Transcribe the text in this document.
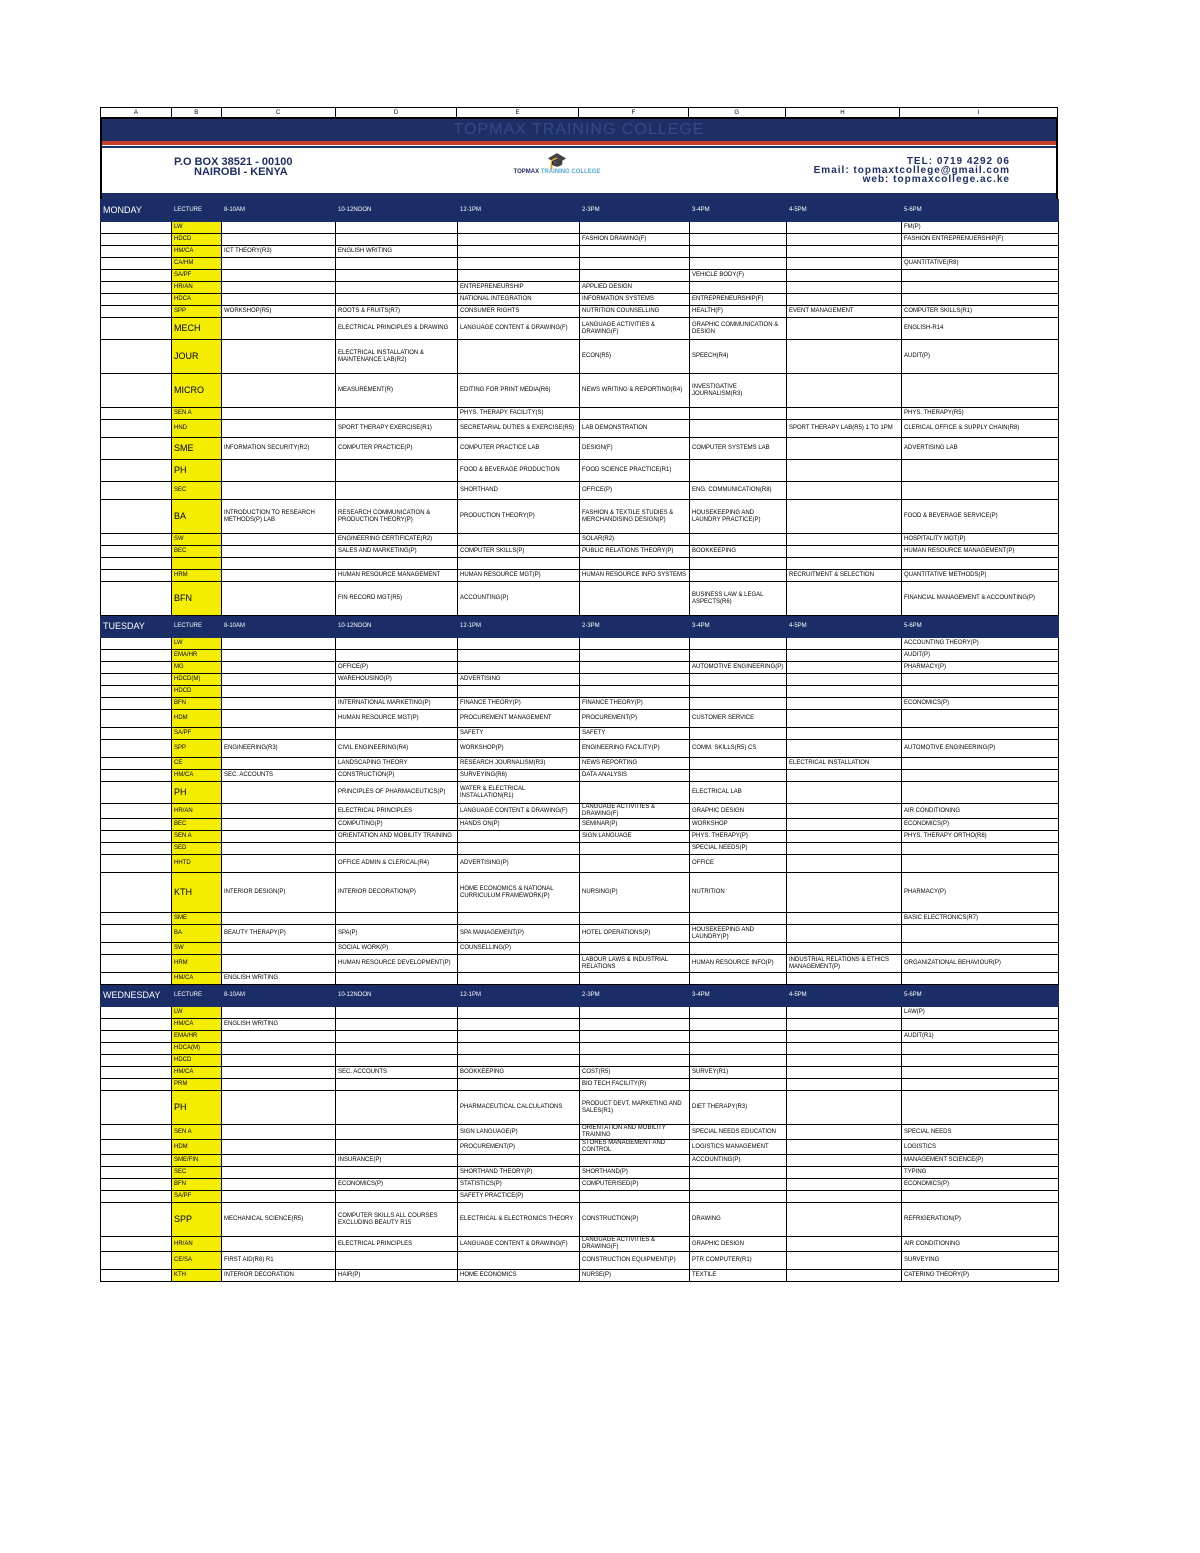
A	B	C	D	E	F	G	H	I
TOPMAX TRAINING COLLEGE
P.O BOX 38521 - 00100
NAIROBI - KENYA
🎓
TOPMAX TRAINING COLLEGE
TEL: 0719 4292 06
Email: topmaxtcollege@gmail.com
web: topmaxcollege.ac.ke
MONDAY	LECTURE	8-10AM	10-12NOON	12-1PM	2-3PM	3-4PM	4-5PM	5-6PM
	LW							FM(P)
	HDCD				FASHION DRAWING(F)			FASHION ENTREPRENUERSHIP(F)
	HM/CA	ICT THEORY(R3)	ENGLISH WRITING					
	CA/HM							QUANTITATIVE(R8)
	SA/PF					VEHICLE BODY(F)		
	HR/AN			ENTREPRENEURSHIP	APPLIED DESIGN			
	HDCA			NATIONAL INTEGRATION	INFORMATION SYSTEMS	ENTREPRENEURSHIP(F)		
	SPP	WORKSHOP(R5)	ROOTS & FRUITS(R7)	CONSUMER RIGHTS	NUTRITION COUNSELLING	HEALTH(F)	EVENT MANAGEMENT	COMPUTER SKILLS(R1)
	MECH		ELECTRICAL PRINCIPLES & DRAWING	LANGUAGE CONTENT & DRAWING(F)	LANGUAGE ACTIVITIES & DRAWING(F)	GRAPHIC COMMUNICATION & DESIGN		ENGLISH-R14
	JOUR		ELECTRICAL INSTALLATION & MAINTENANCE LAB(R2)		ECON(R5)	SPEECH(R4)		AUDIT(P)
	MICRO		MEASUREMENT(R)	EDITING FOR PRINT MEDIA(R6)	NEWS WRITING & REPORTING(R4)	INVESTIGATIVE JOURNALISM(R3)		
	SEN A			PHYS. THERAPY FACILITY(S)				PHYS. THERAPY(R5)
	HND		SPORT THERAPY EXERCISE(R1)	SECRETARIAL DUTIES & EXERCISE(R5)	LAB DEMONSTRATION		SPORT THERAPY LAB(R5) 1 TO 1PM	CLERICAL OFFICE & SUPPLY CHAIN(R8)
	SME	INFORMATION SECURITY(R2)	COMPUTER PRACTICE(P)	COMPUTER PRACTICE LAB	DESIGN(F)	COMPUTER SYSTEMS LAB		ADVERTISING LAB
	PH			FOOD & BEVERAGE PRODUCTION	FOOD SCIENCE PRACTICE(R1)			
	SEC			SHORTHAND	OFFICE(P)	ENG. COMMUNICATION(R8)		
	BA	INTRODUCTION TO RESEARCH METHODS(P) LAB	RESEARCH COMMUNICATION & PRODUCTION THEORY(P)	PRODUCTION THEORY(P)	FASHION & TEXTILE STUDIES & MERCHANDISING DESIGN(P)	HOUSEKEEPING AND LAUNDRY PRACTICE(P)		FOOD & BEVERAGE SERVICE(P)
	SW		ENGINEERING CERTIFICATE(R2)		SOLAR(R2)			HOSPITALITY MGT(P)
	BEC		SALES AND MARKETING(P)	COMPUTER SKILLS(P)	PUBLIC RELATIONS THEORY(P)	BOOKKEEPING		HUMAN RESOURCE MANAGEMENT(P)

	HRM		HUMAN RESOURCE MANAGEMENT	HUMAN RESOURCE MGT(P)	HUMAN RESOURCE INFO SYSTEMS		RECRUITMENT & SELECTION	QUANTITATIVE METHODS(P)
	BFN		FIN RECORD MGT(R5)	ACCOUNTING(P)		BUSINESS LAW & LEGAL ASPECTS(R6)		FINANCIAL MANAGEMENT & ACCOUNTING(P)
TUESDAY	LECTURE	8-10AM	10-12NOON	12-1PM	2-3PM	3-4PM	4-5PM	5-6PM
	LW							ACCOUNTING THEORY(P)
	EMA/HR							AUDIT(P)
	MG		OFFICE(P)			AUTOMOTIVE ENGINEERING(P)		PHARMACY(P)
	HDCD(M)		WAREHOUSING(P)	ADVERTISING				
	HDCD							
	BFN		INTERNATIONAL MARKETING(P)	FINANCE THEORY(P)	FINANCE THEORY(P)			ECONOMICS(P)
	HDM		HUMAN RESOURCE MGT(P)	PROCUREMENT MANAGEMENT	PROCUREMENT(P)	CUSTOMER SERVICE		
	SA/PF			SAFETY	SAFETY			
	SPP	ENGINEERING(R3)	CIVIL ENGINEERING(R4)	WORKSHOP(P)	ENGINEERING FACILITY(P)	COMM. SKILLS(R5) CS		AUTOMOTIVE ENGINEERING(P)
	CE		LANDSCAPING THEORY	RESEARCH JOURNALISM(R3)	NEWS REPORTING		ELECTRICAL INSTALLATION	
	HM/CA	SEC. ACCOUNTS	CONSTRUCTION(P)	SURVEYING(R6)	DATA ANALYSIS			
	PH		PRINCIPLES OF PHARMACEUTICS(P)	WATER & ELECTRICAL INSTALLATION(R1)		ELECTRICAL LAB		
	HR/AN		ELECTRICAL PRINCIPLES	LANGUAGE CONTENT & DRAWING(F)	LANGUAGE ACTIVITIES & DRAWING(F)	GRAPHIC DESIGN		AIR CONDITIONING
	BEC		COMPUTING(P)	HANDS ON(P)	SEMINAR(P)	WORKSHOP		ECONOMICS(P)
	SEN A		ORIENTATION AND MOBILITY TRAINING		SIGN LANGUAGE	PHYS. THERAPY(P)		PHYS. THERAPY ORTHO(R8)
	SED					SPECIAL NEEDS(P)		
	HHTD		OFFICE ADMIN & CLERICAL(R4)	ADVERTISING(P)		OFFICE		
	KTH	INTERIOR DESIGN(P)	INTERIOR DECORATION(P)	HOME ECONOMICS & NATIONAL CURRICULUM FRAMEWORK(P)	NURSING(P)	NUTRITION		PHARMACY(P)
	SME							BASIC ELECTRONICS(R7)
	BA	BEAUTY THERAPY(P)	SPA(P)	SPA MANAGEMENT(P)	HOTEL OPERATIONS(P)	HOUSEKEEPING AND LAUNDRY(P)		
	SW		SOCIAL WORK(P)	COUNSELLING(P)				
	HRM		HUMAN RESOURCE DEVELOPMENT(P)		LABOUR LAWS & INDUSTRIAL RELATIONS	HUMAN RESOURCE INFO(P)	INDUSTRIAL RELATIONS & ETHICS MANAGEMENT(P)	ORGANIZATIONAL BEHAVIOUR(P)
	HM/CA	ENGLISH WRITING						
WEDNESDAY	LECTURE	8-10AM	10-12NOON	12-1PM	2-3PM	3-4PM	4-5PM	5-6PM
	LW							LAW(P)
	HM/CA	ENGLISH WRITING						
	EMA/HR							AUDIT(R1)
	HDCA(M)							
	HDCD							
	HM/CA		SEC. ACCOUNTS	BOOKKEEPING	COST(R5)	SURVEY(R1)		
	PRM				BIO TECH FACILITY(R)			
	PH			PHARMACEUTICAL CALCULATIONS	PRODUCT DEVT, MARKETING AND SALES(R1)	DIET THERAPY(R3)		
	SEN A			SIGN LANGUAGE(P)	ORIENTATION AND MOBILITY TRAINING	SPECIAL NEEDS EDUCATION		SPECIAL NEEDS
	HDM			PROCUREMENT(P)	STORES MANAGEMENT AND CONTROL	LOGISTICS MANAGEMENT		LOGISTICS
	SME/FIN		INSURANCE(P)			ACCOUNTING(P)		MANAGEMENT SCIENCE(P)
	SEC			SHORTHAND THEORY(P)	SHORTHAND(P)			TYPING
	BFN		ECONOMICS(P)	STATISTICS(P)	COMPUTERISED(P)			ECONOMICS(P)
	SA/PF			SAFETY PRACTICE(P)				
	SPP	MECHANICAL SCIENCE(R5)	COMPUTER SKILLS ALL COURSES EXCLUDING BEAUTY R15	ELECTRICAL & ELECTRONICS THEORY	CONSTRUCTION(P)	DRAWING		REFRIGERATION(P)
	HR/AN		ELECTRICAL PRINCIPLES	LANGUAGE CONTENT & DRAWING(F)	LANGUAGE ACTIVITIES & DRAWING(F)	GRAPHIC DESIGN		AIR CONDITIONING
	CE/SA	FIRST AID(R8) R1			CONSTRUCTION EQUIPMENT(P)	PTR COMPUTER(R1)		SURVEYING
	KTH	INTERIOR DECORATION	HAIR(P)	HOME ECONOMICS	NURSE(P)	TEXTILE		CATERING THEORY(P)
